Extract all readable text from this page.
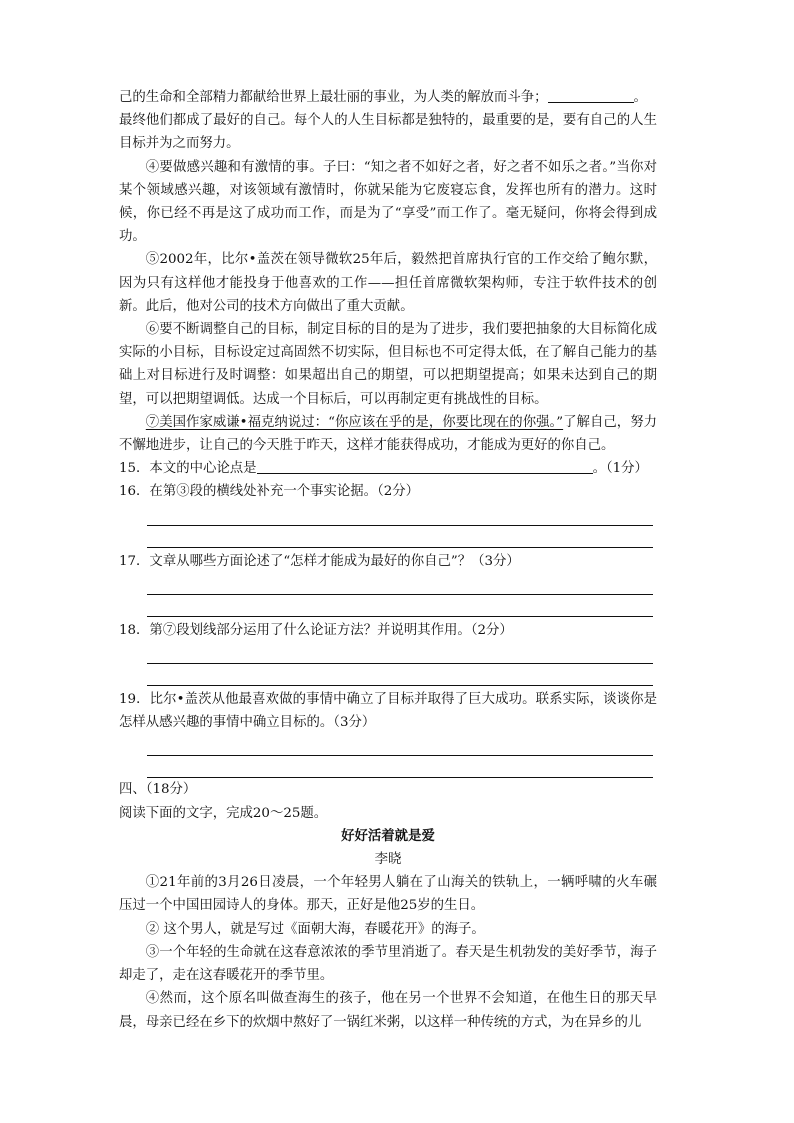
己的生命和全部精力都献给世界上最壮丽的事业，为人类的解放而斗争；	。

最终他们都成了最好的自己。每个人的人生目标都是独特的，最重要的是，要有自己的人生目标并为之而努力。

④要做感兴趣和有激情的事。子曰：“知之者不如好之者，好之者不如乐之者。”当你对某个领域感兴趣，对该领域有激情时，你就呆能为它废寝忘食，发挥也所有的潜力。这时候，你已经不再是这了成功而工作，而是为了“享受”而工作了。毫无疑问，你将会得到成功。

⑤2002年，比尔•盖茨在领导微软25年后，毅然把首席执行官的工作交给了鲍尔默，因为只有这样他才能投身于他喜欢的工作——担任首席微软架构师，专注于软件技术的创新。此后，他对公司的技术方向做出了重大贡献。

⑥要不断调整自己的目标，制定目标的目的是为了进步，我们要把抽象的大目标简化成实际的小目标，目标设定过高固然不切实际，但目标也不可定得太低，在了解自己能力的基础上对目标进行及时调整：如果超出自己的期望，可以把期望提高；如果未达到自己的期望，可以把期望调低。达成一个目标后，可以再制定更有挑战性的目标。

⑦美国作家威谦•福克纳说过：“你应该在乎的是，你要比现在的你强。”了解自己，努力不懈地进步，让自己的今天胜于昨天，这样才能获得成功，才能成为更好的你自己。

15．本文的中心论点是	。（1分）

16．在第③段的横线处补充一个事实论据。（2分）

17．文章从哪些方面论述了“怎样才能成为最好的你自己”？（3分）

18．第⑦段划线部分运用了什么论证方法？并说明其作用。（2分）

19．比尔•盖茨从他最喜欢做的事情中确立了目标并取得了巨大成功。联系实际，谈谈你是怎样从感兴趣的事情中确立目标的。（3分）

四、（18分）

阅读下面的文字，完成20～25题。

好好活着就是爱

李晓

①21年前的3月26日凌晨，一个年轻男人躺在了山海关的铁轨上，一辆呼啸的火车碾压过一个中国田园诗人的身体。那天，正好是他25岁的生日。

② 这个男人，就是写过《面朝大海，春暖花开》的海子。

③一个年轻的生命就在这春意浓浓的季节里消逝了。春天是生机勃发的美好季节，海子却走了，走在这春暖花开的季节里。

④然而，这个原名叫做查海生的孩子，他在另一个世界不会知道，在他生日的那天早晨，母亲已经在乡下的炊烟中熬好了一锅红米粥，以这样一种传统的方式，为在异乡的儿
